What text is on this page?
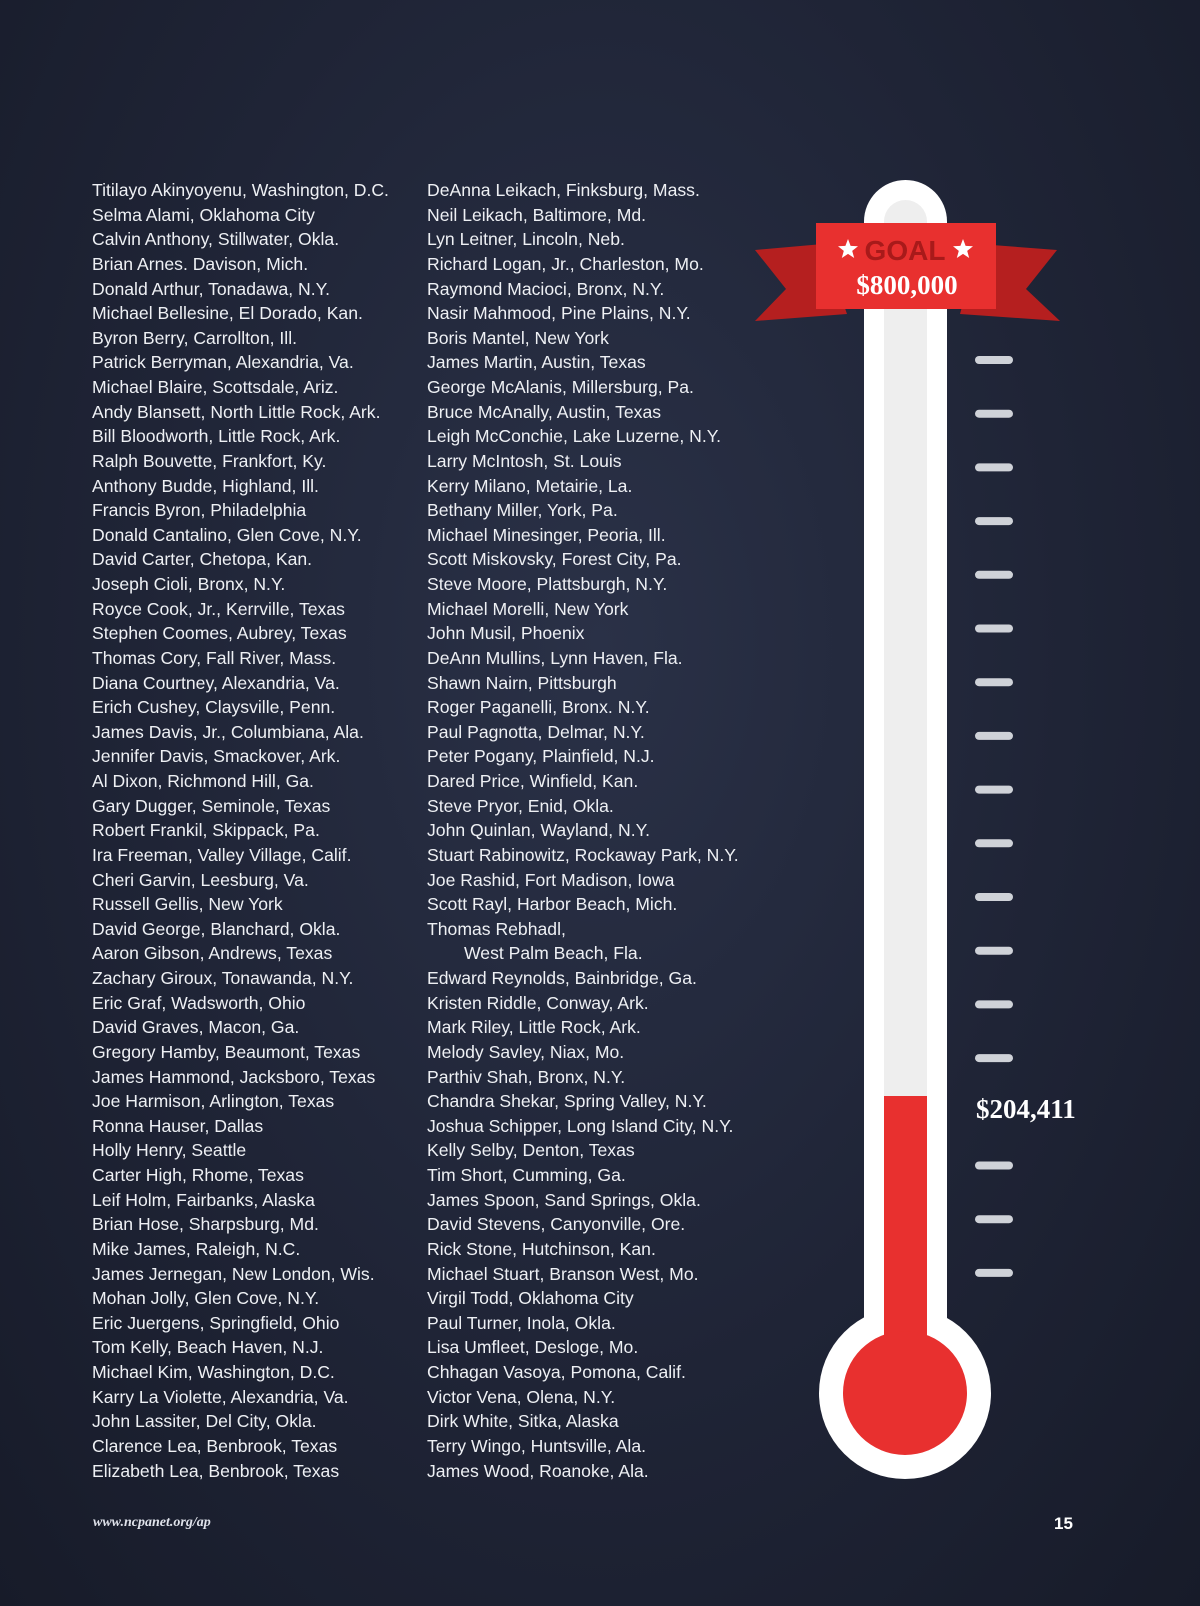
Titilayo Akinyoyenu, Washington, D.C.
Selma Alami, Oklahoma City
Calvin Anthony, Stillwater, Okla.
Brian Arnes. Davison, Mich.
Donald Arthur, Tonadawa, N.Y.
Michael Bellesine, El Dorado, Kan.
Byron Berry, Carrollton, Ill.
Patrick Berryman, Alexandria, Va.
Michael Blaire, Scottsdale, Ariz.
Andy Blansett, North Little Rock, Ark.
Bill Bloodworth, Little Rock, Ark.
Ralph Bouvette, Frankfort, Ky.
Anthony Budde, Highland, Ill.
Francis Byron, Philadelphia
Donald Cantalino, Glen Cove, N.Y.
David Carter, Chetopa, Kan.
Joseph Cioli, Bronx, N.Y.
Royce Cook, Jr., Kerrville, Texas
Stephen Coomes, Aubrey, Texas
Thomas Cory, Fall River, Mass.
Diana Courtney, Alexandria, Va.
Erich Cushey, Claysville, Penn.
James Davis, Jr., Columbiana, Ala.
Jennifer Davis, Smackover, Ark.
Al Dixon, Richmond Hill, Ga.
Gary Dugger, Seminole, Texas
Robert Frankil, Skippack, Pa.
Ira Freeman, Valley Village, Calif.
Cheri Garvin, Leesburg, Va.
Russell Gellis, New York
David George, Blanchard, Okla.
Aaron Gibson, Andrews, Texas
Zachary Giroux, Tonawanda, N.Y.
Eric Graf, Wadsworth, Ohio
David Graves, Macon, Ga.
Gregory Hamby, Beaumont, Texas
James Hammond, Jacksboro, Texas
Joe Harmison, Arlington, Texas
Ronna Hauser, Dallas
Holly Henry, Seattle
Carter High, Rhome, Texas
Leif Holm, Fairbanks, Alaska
Brian Hose, Sharpsburg, Md.
Mike James, Raleigh, N.C.
James Jernegan, New London, Wis.
Mohan Jolly, Glen Cove, N.Y.
Eric Juergens, Springfield, Ohio
Tom Kelly, Beach Haven, N.J.
Michael Kim, Washington, D.C.
Karry La Violette, Alexandria, Va.
John Lassiter, Del City, Okla.
Clarence Lea, Benbrook, Texas
Elizabeth Lea, Benbrook, Texas
DeAnna Leikach, Finksburg, Mass.
Neil Leikach, Baltimore, Md.
Lyn Leitner, Lincoln, Neb.
Richard Logan, Jr., Charleston, Mo.
Raymond Macioci, Bronx, N.Y.
Nasir Mahmood, Pine Plains, N.Y.
Boris Mantel, New York
James Martin, Austin, Texas
George McAlanis, Millersburg, Pa.
Bruce McAnally, Austin, Texas
Leigh McConchie, Lake Luzerne, N.Y.
Larry McIntosh, St. Louis
Kerry Milano, Metairie, La.
Bethany Miller, York, Pa.
Michael Minesinger, Peoria, Ill.
Scott Miskovsky, Forest City, Pa.
Steve Moore, Plattsburgh, N.Y.
Michael Morelli, New York
John Musil, Phoenix
DeAnn Mullins, Lynn Haven, Fla.
Shawn Nairn, Pittsburgh
Roger Paganelli, Bronx. N.Y.
Paul Pagnotta, Delmar, N.Y.
Peter Pogany, Plainfield, N.J.
Dared Price, Winfield, Kan.
Steve Pryor, Enid, Okla.
John Quinlan, Wayland, N.Y.
Stuart Rabinowitz, Rockaway Park, N.Y.
Joe Rashid, Fort Madison, Iowa
Scott Rayl, Harbor Beach, Mich.
Thomas Rebhadl,
West Palm Beach, Fla.
Edward Reynolds, Bainbridge, Ga.
Kristen Riddle, Conway, Ark.
Mark Riley, Little Rock, Ark.
Melody Savley, Niax, Mo.
Parthiv Shah, Bronx, N.Y.
Chandra Shekar, Spring Valley, N.Y.
Joshua Schipper, Long Island City, N.Y.
Kelly Selby, Denton, Texas
Tim Short, Cumming, Ga.
James Spoon, Sand Springs, Okla.
David Stevens, Canyonville, Ore.
Rick Stone, Hutchinson, Kan.
Michael Stuart, Branson West, Mo.
Virgil Todd, Oklahoma City
Paul Turner, Inola, Okla.
Lisa Umfleet, Desloge, Mo.
Chhagan Vasoya, Pomona, Calif.
Victor Vena, Olena, N.Y.
Dirk White, Sitka, Alaska
Terry Wingo, Huntsville, Ala.
James Wood, Roanoke, Ala.
GOAL
$800,000
$204,411
www.ncpanet.org/ap	15
